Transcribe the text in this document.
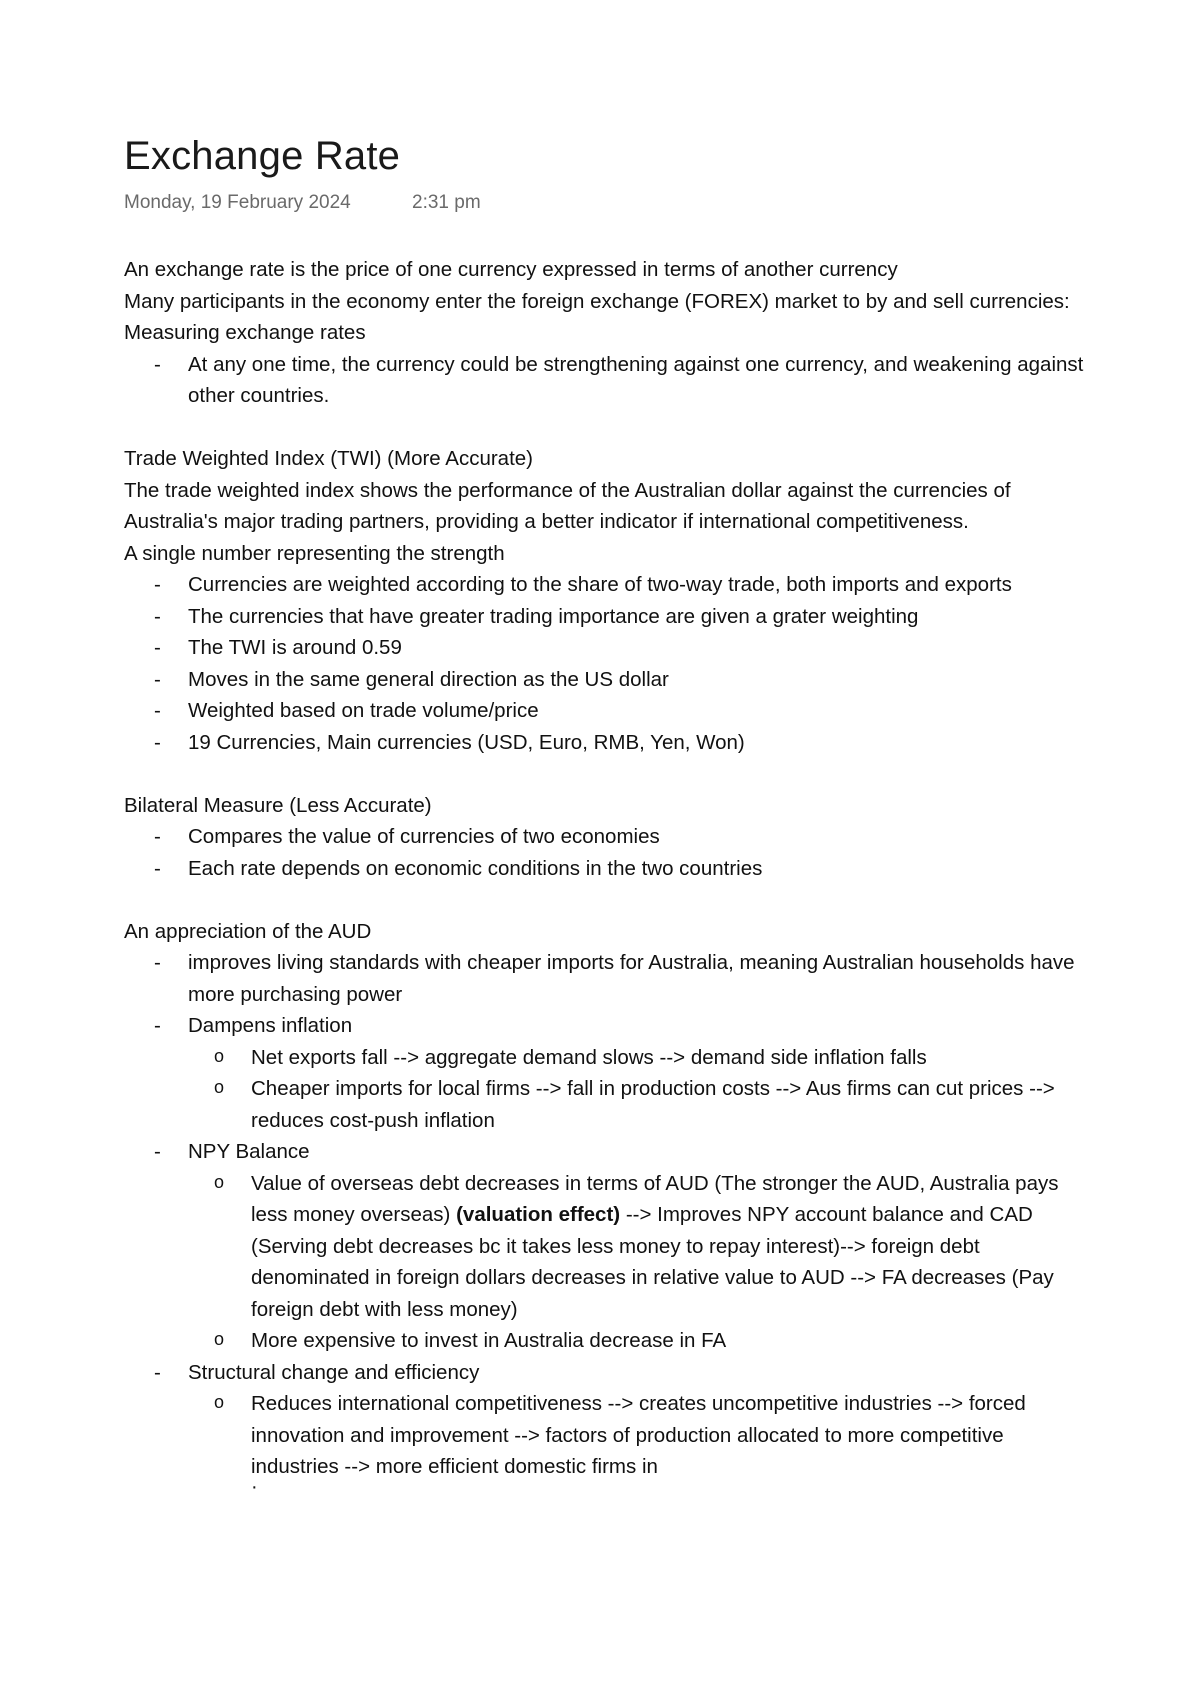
Exchange Rate
Monday, 19 February 2024	2:31 pm

An exchange rate is the price of one currency expressed in terms of another currency

Many participants in the economy enter the foreign exchange (FOREX) market to by and sell currencies:

Measuring exchange rates

- At any one time, the currency could be strengthening against one currency, and weakening against other countries.

Trade Weighted Index (TWI) (More Accurate)

The trade weighted index shows the performance of the Australian dollar against the currencies of Australia's major trading partners, providing a better indicator if international competitiveness.

A single number representing the strength

- Currencies are weighted according to the share of two-way trade, both imports and exports
- The currencies that have greater trading importance are given a grater weighting
- The TWI is around 0.59
- Moves in the same general direction as the US dollar
- Weighted based on trade volume/price
- 19 Currencies, Main currencies (USD, Euro, RMB, Yen, Won)

Bilateral Measure (Less Accurate)

- Compares the value of currencies of two economies
- Each rate depends on economic conditions in the two countries

An appreciation of the AUD

- improves living standards with cheaper imports for Australia, meaning Australian households have more purchasing power
- Dampens inflation
o Net exports fall --> aggregate demand slows --> demand side inflation falls
o Cheaper imports for local firms --> fall in production costs --> Aus firms can cut prices --> reduces cost-push inflation
- NPY Balance
o Value of overseas debt decreases in terms of AUD (The stronger the AUD, Australia pays less money overseas) (valuation effect) --> Improves NPY account balance and CAD (Serving debt decreases bc it takes less money to repay interest)--> foreign debt denominated in foreign dollars decreases in relative value to AUD --> FA decreases (Pay foreign debt with less money)
o More expensive to invest in Australia decrease in FA
- Structural change and efficiency
o Reduces international competitiveness --> creates uncompetitive industries --> forced innovation and improvement --> factors of production allocated to more competitive industries --> more efficient domestic firms in
·
